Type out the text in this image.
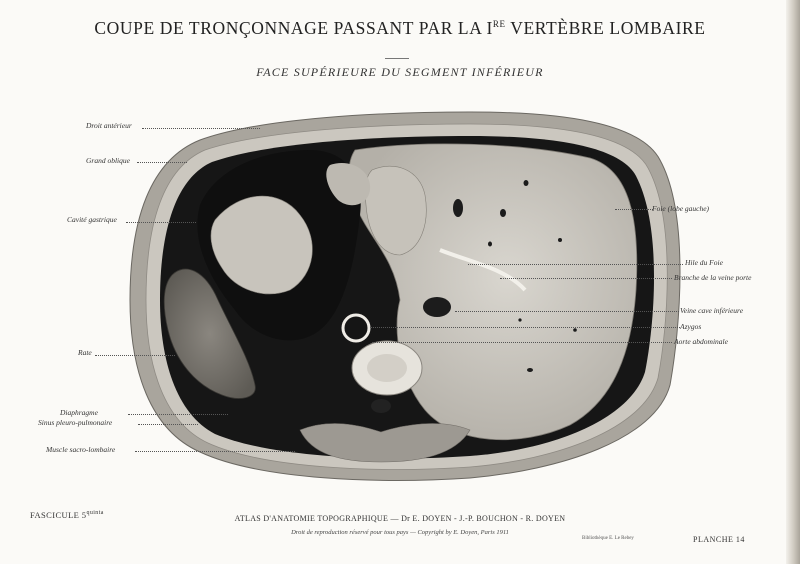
COUPE DE TRONÇONNAGE PASSANT PAR LA IRE VERTÈBRE LOMBAIRE
FACE SUPÉRIEURE DU SEGMENT INFÉRIEUR
Droit antérieur
Grand oblique
Cavité gastrique
Rate
Diaphragme
Sinus pleuro-pulmonaire
Muscle sacro-lombaire
Foie (lobe gauche)
Hile du Foie
Branche de la veine porte
Veine cave inférieure
Azygos
Aorte abdominale
FASCICULE $5^{quinta}$
ATLAS D'ANATOMIE TOPOGRAPHIQUE — Dr E. DOYEN - J.-P. BOUCHON - R. DOYEN
Droit de reproduction réservé pour tous pays — Copyright by E. Doyen, Paris 1911
Bibliothèque E. Le Rebey	PLANCHE 14
